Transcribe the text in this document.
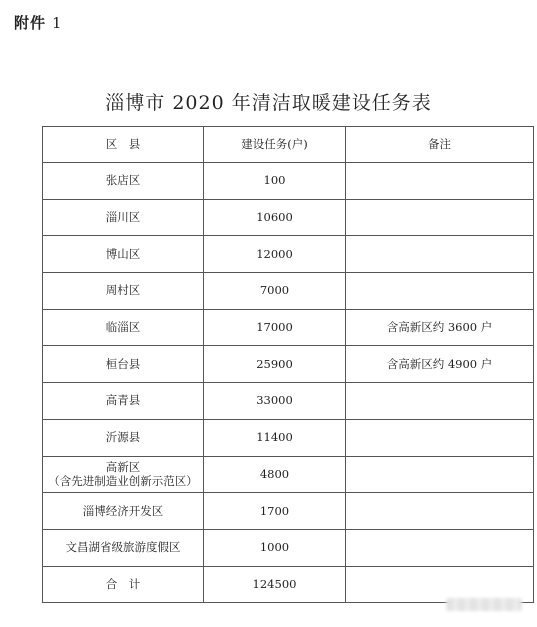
附件 1
淄博市 2020 年清洁取暖建设任务表
区　县	建设任务(户)	备注
张店区	100	
淄川区	10600	
博山区	12000	
周村区	7000	
临淄区	17000	含高新区约 3600 户
桓台县	25900	含高新区约 4900 户
高青县	33000	
沂源县	11400	

高新区
（含先进制造业创新示范区）	4800	
淄博经济开发区	1700	
文昌湖省级旅游度假区	1000	
合　计	124500	
